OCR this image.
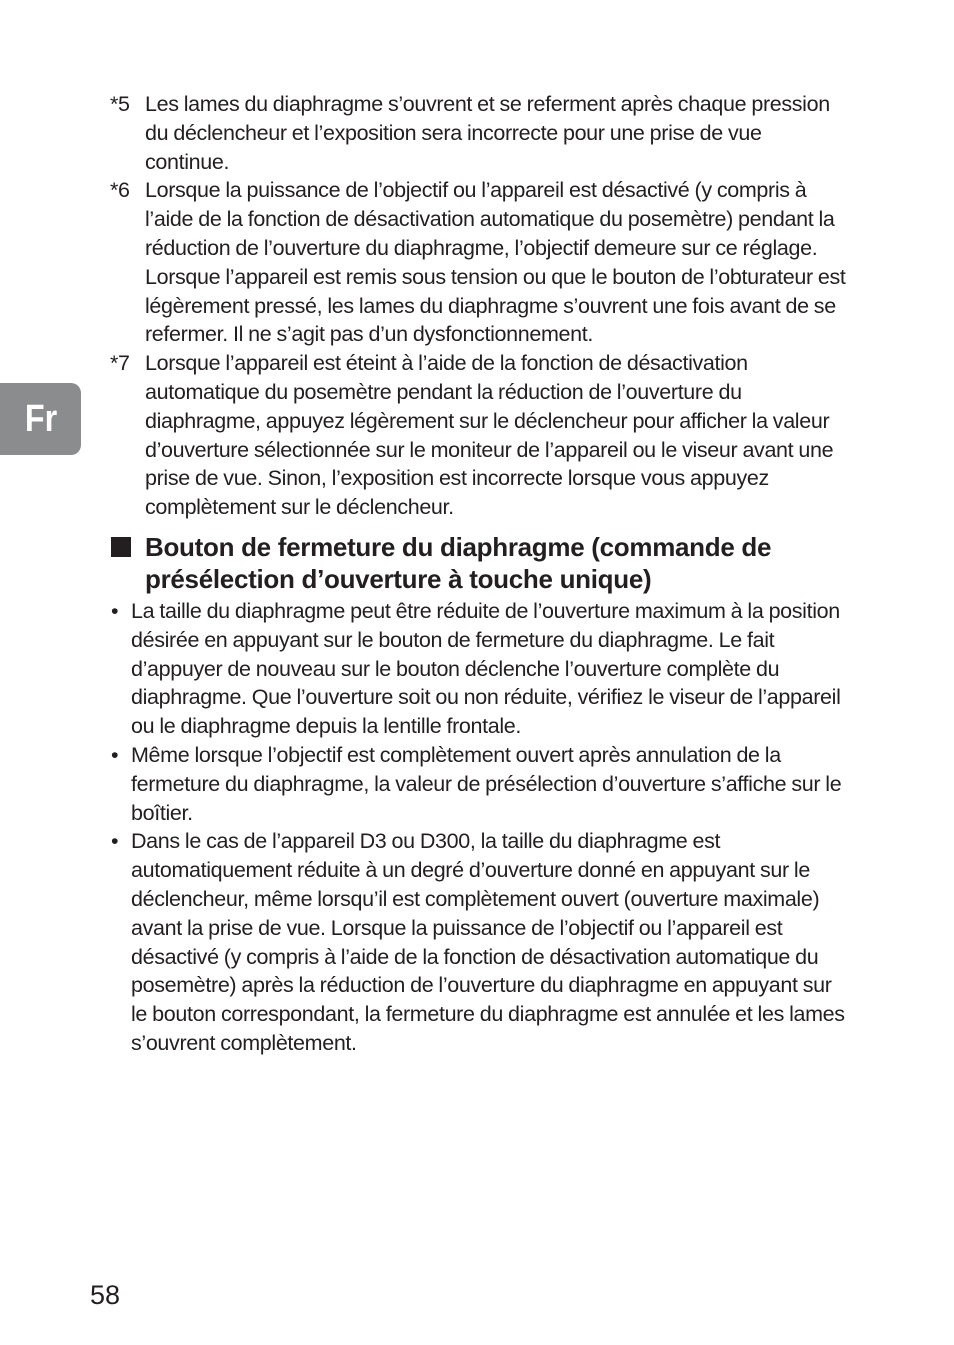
Fr
*5 Les lames du diaphragme s’ouvrent et se referment après chaque pression du déclencheur et l’exposition sera incorrecte pour une prise de vue continue.
*6 Lorsque la puissance de l’objectif ou l’appareil est désactivé (y compris à l’aide de la fonction de désactivation automatique du posemètre) pendant la réduction de l’ouverture du diaphragme, l’objectif demeure sur ce réglage. Lorsque l’appareil est remis sous tension ou que le bouton de l’obturateur est légèrement pressé, les lames du diaphragme s’ouvrent une fois avant de se refermer. Il ne s’agit pas d’un dysfonctionnement.
*7 Lorsque l’appareil est éteint à l’aide de la fonction de désactivation automatique du posemètre pendant la réduction de l’ouverture du diaphragme, appuyez légèrement sur le déclencheur pour afficher la valeur d’ouverture sélectionnée sur le moniteur de l’appareil ou le viseur avant une prise de vue. Sinon, l’exposition est incorrecte lorsque vous appuyez complètement sur le déclencheur.
Bouton de fermeture du diaphragme (commande de présélection d’ouverture à touche unique)
• La taille du diaphragme peut être réduite de l’ouverture maximum à la position désirée en appuyant sur le bouton de fermeture du diaphragme. Le fait d’appuyer de nouveau sur le bouton déclenche l’ouverture complète du diaphragme. Que l’ouverture soit ou non réduite, vérifiez le viseur de l’appareil ou le diaphragme depuis la lentille frontale.
• Même lorsque l’objectif est complètement ouvert après annulation de la fermeture du diaphragme, la valeur de présélection d’ouverture s’affiche sur le boîtier.
• Dans le cas de l’appareil D3 ou D300, la taille du diaphragme est automatiquement réduite à un degré d’ouverture donné en appuyant sur le déclencheur, même lorsqu’il est complètement ouvert (ouverture maximale) avant la prise de vue. Lorsque la puissance de l’objectif ou l’appareil est désactivé (y compris à l’aide de la fonction de désactivation automatique du posemètre) après la réduction de l’ouverture du diaphragme en appuyant sur le bouton correspondant, la fermeture du diaphragme est annulée et les lames s’ouvrent complètement.
58
